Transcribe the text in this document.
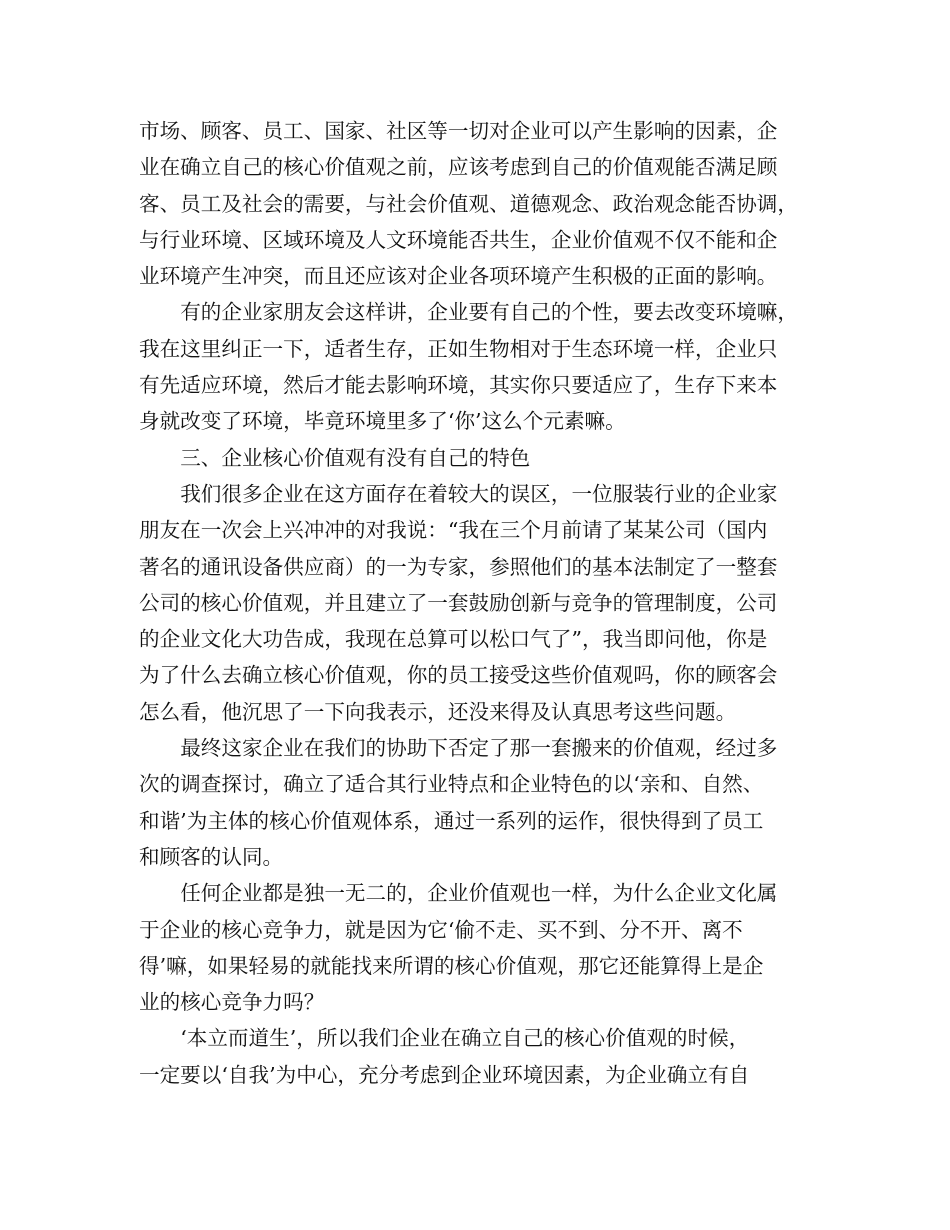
市场、顾客、员工、国家、社区等一切对企业可以产生影响的因素，企
业在确立自己的核心价值观之前，应该考虑到自己的价值观能否满足顾
客、员工及社会的需要，与社会价值观、道德观念、政治观念能否协调，
与行业环境、区域环境及人文环境能否共生，企业价值观不仅不能和企
业环境产生冲突，而且还应该对企业各项环境产生积极的正面的影响。

有的企业家朋友会这样讲，企业要有自己的个性，要去改变环境嘛，
我在这里纠正一下，适者生存，正如生物相对于生态环境一样，企业只
有先适应环境，然后才能去影响环境，其实你只要适应了，生存下来本
身就改变了环境，毕竟环境里多了‘你’这么个元素嘛。

三、企业核心价值观有没有自己的特色

我们很多企业在这方面存在着较大的误区，一位服装行业的企业家
朋友在一次会上兴冲冲的对我说：“我在三个月前请了某某公司（国内
著名的通讯设备供应商）的一为专家，参照他们的基本法制定了一整套
公司的核心价值观，并且建立了一套鼓励创新与竞争的管理制度，公司
的企业文化大功告成，我现在总算可以松口气了”，我当即问他，你是
为了什么去确立核心价值观，你的员工接受这些价值观吗，你的顾客会
怎么看，他沉思了一下向我表示，还没来得及认真思考这些问题。

最终这家企业在我们的协助下否定了那一套搬来的价值观，经过多
次的调查探讨，确立了适合其行业特点和企业特色的以‘亲和、自然、
和谐’为主体的核心价值观体系，通过一系列的运作，很快得到了员工
和顾客的认同。

任何企业都是独一无二的，企业价值观也一样，为什么企业文化属
于企业的核心竞争力，就是因为它‘偷不走、买不到、分不开、离不
得’嘛，如果轻易的就能找来所谓的核心价值观，那它还能算得上是企
业的核心竞争力吗？

‘本立而道生’，所以我们企业在确立自己的核心价值观的时候，
一定要以‘自我’为中心，充分考虑到企业环境因素，为企业确立有自
